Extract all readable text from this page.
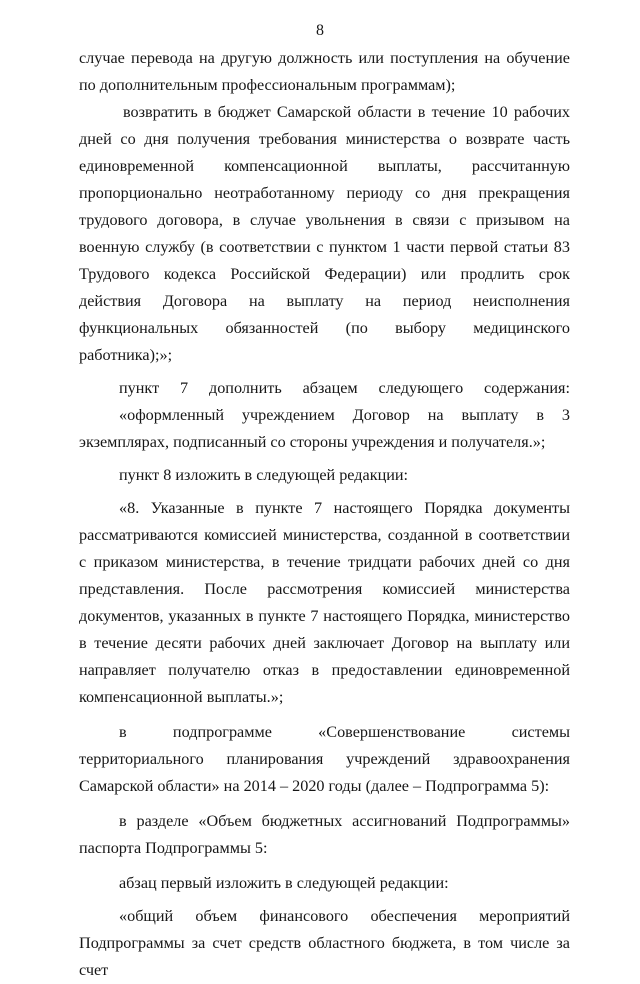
8

случае перевода на другую должность или поступления на обучение по дополнительным профессиональным программам);

возвратить в бюджет Самарской области в течение 10 рабочих дней со дня получения требования министерства о возврате часть единовременной компенсационной выплаты, рассчитанную пропорционально неотработанному периоду со дня прекращения трудового договора, в случае увольнения в связи с призывом на военную службу (в соответствии с пунктом 1 части первой статьи 83 Трудового кодекса Российской Федерации) или продлить срок действия Договора на выплату на период неисполнения функциональных обязанностей (по выбору медицинского работника);»;

пункт 7 дополнить абзацем следующего содержания:

«оформленный учреждением Договор на выплату в 3 экземплярах, подписанный со стороны учреждения и получателя.»;

пункт 8 изложить в следующей редакции:

«8. Указанные в пункте 7 настоящего Порядка документы рассматриваются комиссией министерства, созданной в соответствии с приказом министерства, в течение тридцати рабочих дней со дня представления. После рассмотрения комиссией министерства документов, указанных в пункте 7 настоящего Порядка, министерство в течение десяти рабочих дней заключает Договор на выплату или направляет получателю отказ в предоставлении единовременной компенсационной выплаты.»;

в подпрограмме «Совершенствование системы территориального планирования учреждений здравоохранения Самарской области» на 2014 – 2020 годы (далее – Подпрограмма 5):

в разделе «Объем бюджетных ассигнований Подпрограммы» паспорта Подпрограммы 5:

абзац первый изложить в следующей редакции:

«общий объем финансового обеспечения мероприятий Подпрограммы за счет средств областного бюджета, в том числе за счет
